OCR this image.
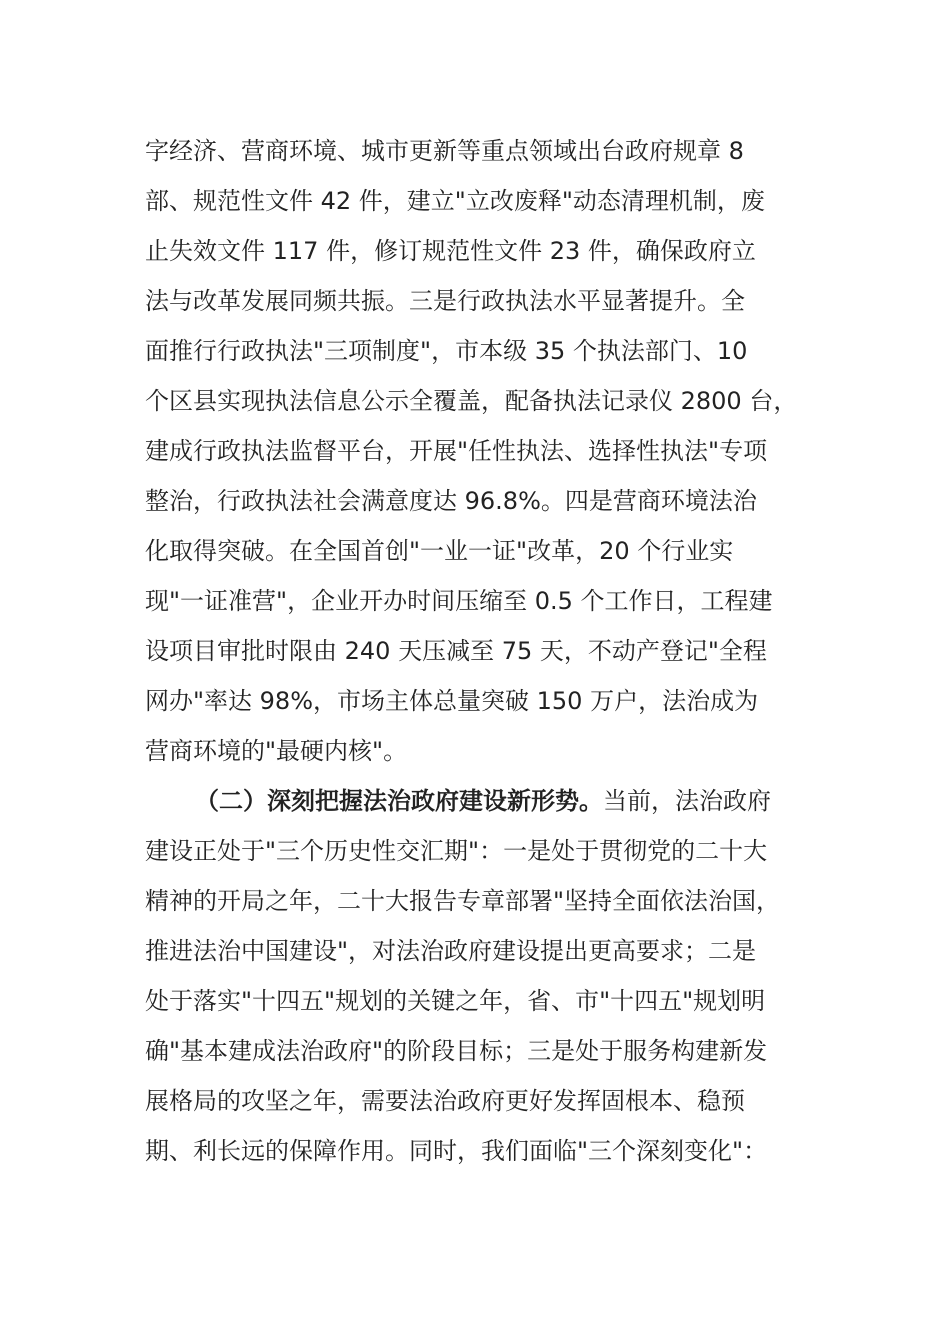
字经济、营商环境、城市更新等重点领域出台政府规章 8
部、规范性文件 42 件，建立"立改废释"动态清理机制，废
止失效文件 117 件，修订规范性文件 23 件，确保政府立
法与改革发展同频共振。三是行政执法水平显著提升。全
面推行行政执法"三项制度"，市本级 35 个执法部门、10
个区县实现执法信息公示全覆盖，配备执法记录仪 2800 台，
建成行政执法监督平台，开展"任性执法、选择性执法"专项
整治，行政执法社会满意度达 96.8%。四是营商环境法治
化取得突破。在全国首创"一业一证"改革，20 个行业实
现"一证准营"，企业开办时间压缩至 0.5 个工作日，工程建
设项目审批时限由 240 天压减至 75 天，不动产登记"全程
网办"率达 98%，市场主体总量突破 150 万户，法治成为
营商环境的"最硬内核"。
（二）深刻把握法治政府建设新形势。当前，法治政府
建设正处于"三个历史性交汇期"：一是处于贯彻党的二十大
精神的开局之年，二十大报告专章部署"坚持全面依法治国，
推进法治中国建设"，对法治政府建设提出更高要求；二是
处于落实"十四五"规划的关键之年，省、市"十四五"规划明
确"基本建成法治政府"的阶段目标；三是处于服务构建新发
展格局的攻坚之年，需要法治政府更好发挥固根本、稳预
期、利长远的保障作用。同时，我们面临"三个深刻变化"：
